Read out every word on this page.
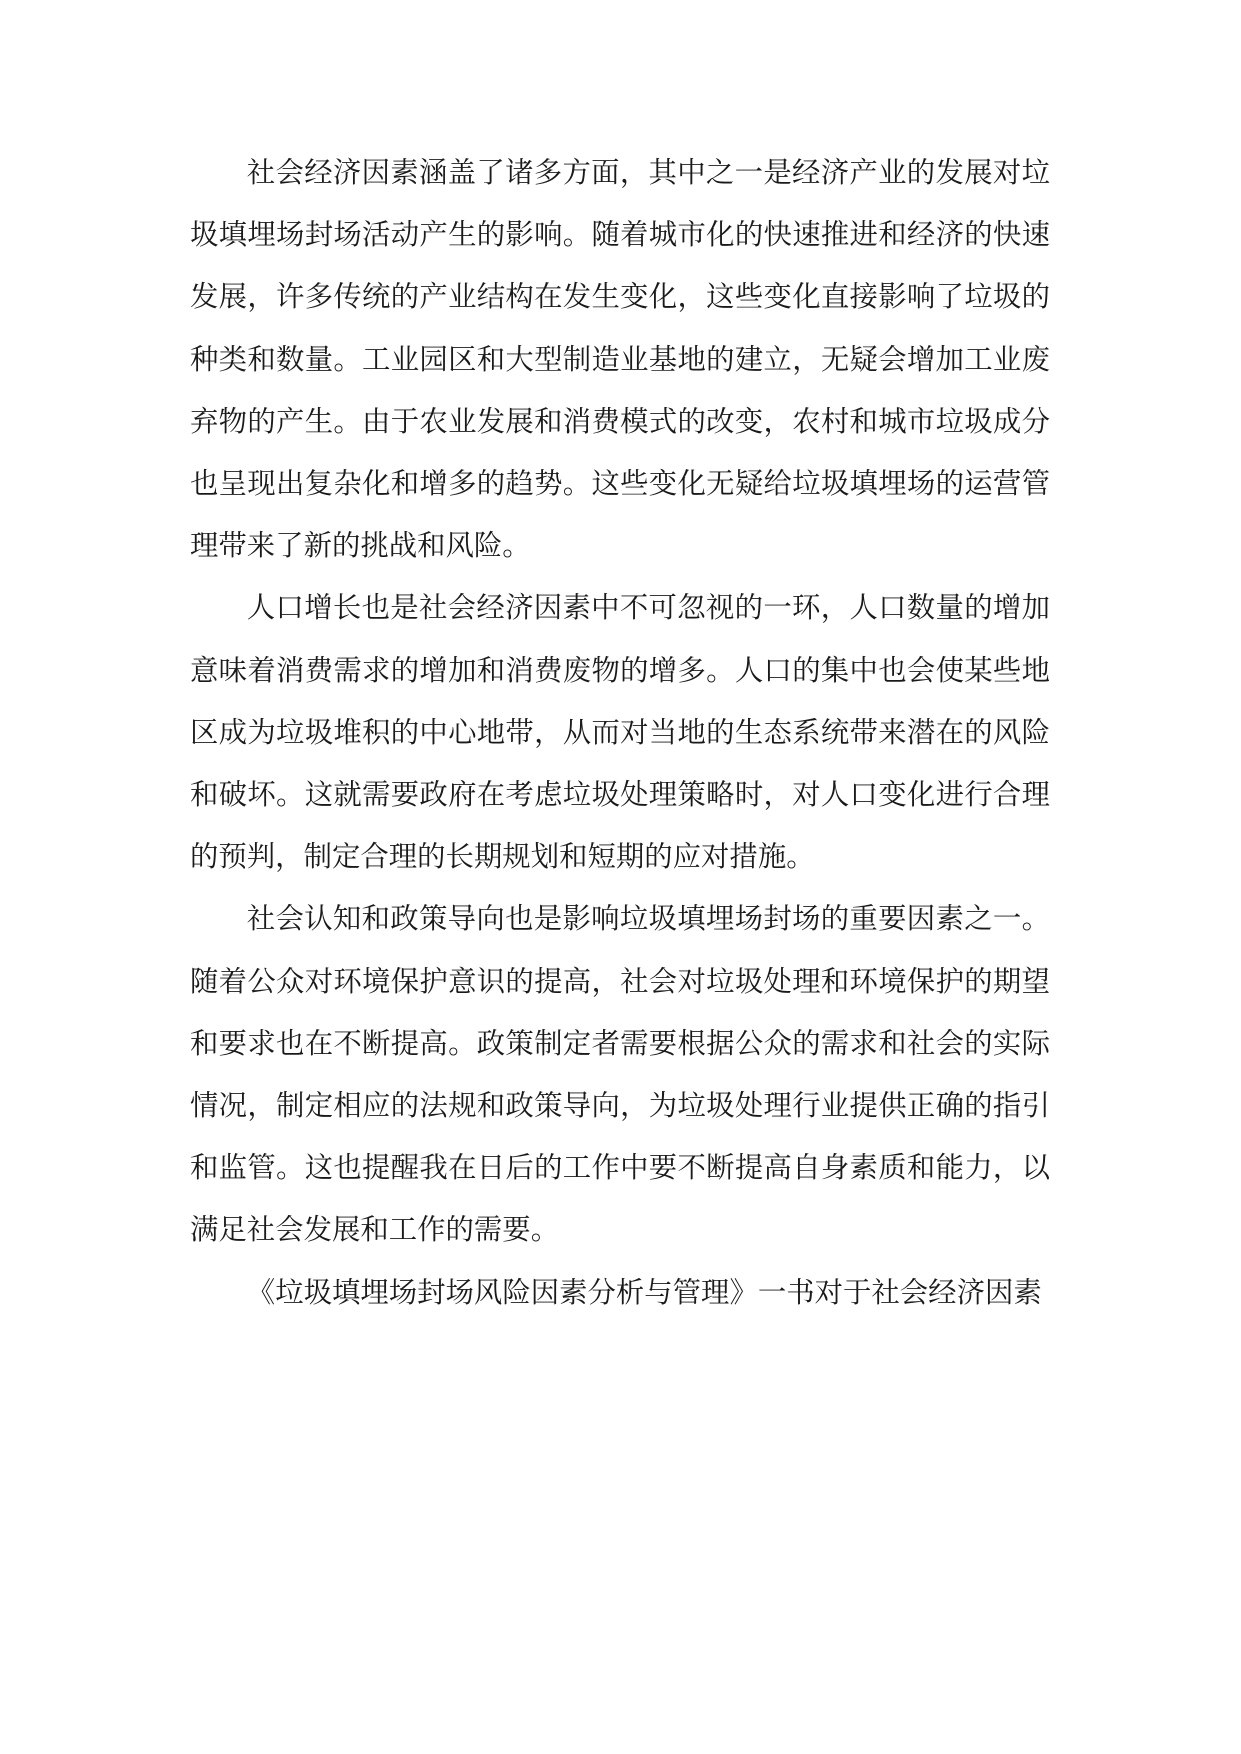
社会经济因素涵盖了诸多方面，其中之一是经济产业的发展对垃圾填埋场封场活动产生的影响。随着城市化的快速推进和经济的快速发展，许多传统的产业结构在发生变化，这些变化直接影响了垃圾的种类和数量。工业园区和大型制造业基地的建立，无疑会增加工业废弃物的产生。由于农业发展和消费模式的改变，农村和城市垃圾成分也呈现出复杂化和增多的趋势。这些变化无疑给垃圾填埋场的运营管理带来了新的挑战和风险。

人口增长也是社会经济因素中不可忽视的一环，人口数量的增加意味着消费需求的增加和消费废物的增多。人口的集中也会使某些地区成为垃圾堆积的中心地带，从而对当地的生态系统带来潜在的风险和破坏。这就需要政府在考虑垃圾处理策略时，对人口变化进行合理的预判，制定合理的长期规划和短期的应对措施。

社会认知和政策导向也是影响垃圾填埋场封场的重要因素之一。随着公众对环境保护意识的提高，社会对垃圾处理和环境保护的期望和要求也在不断提高。政策制定者需要根据公众的需求和社会的实际情况，制定相应的法规和政策导向，为垃圾处理行业提供正确的指引和监管。这也提醒我在日后的工作中要不断提高自身素质和能力，以满足社会发展和工作的需要。

《垃圾填埋场封场风险因素分析与管理》一书对于社会经济因素
